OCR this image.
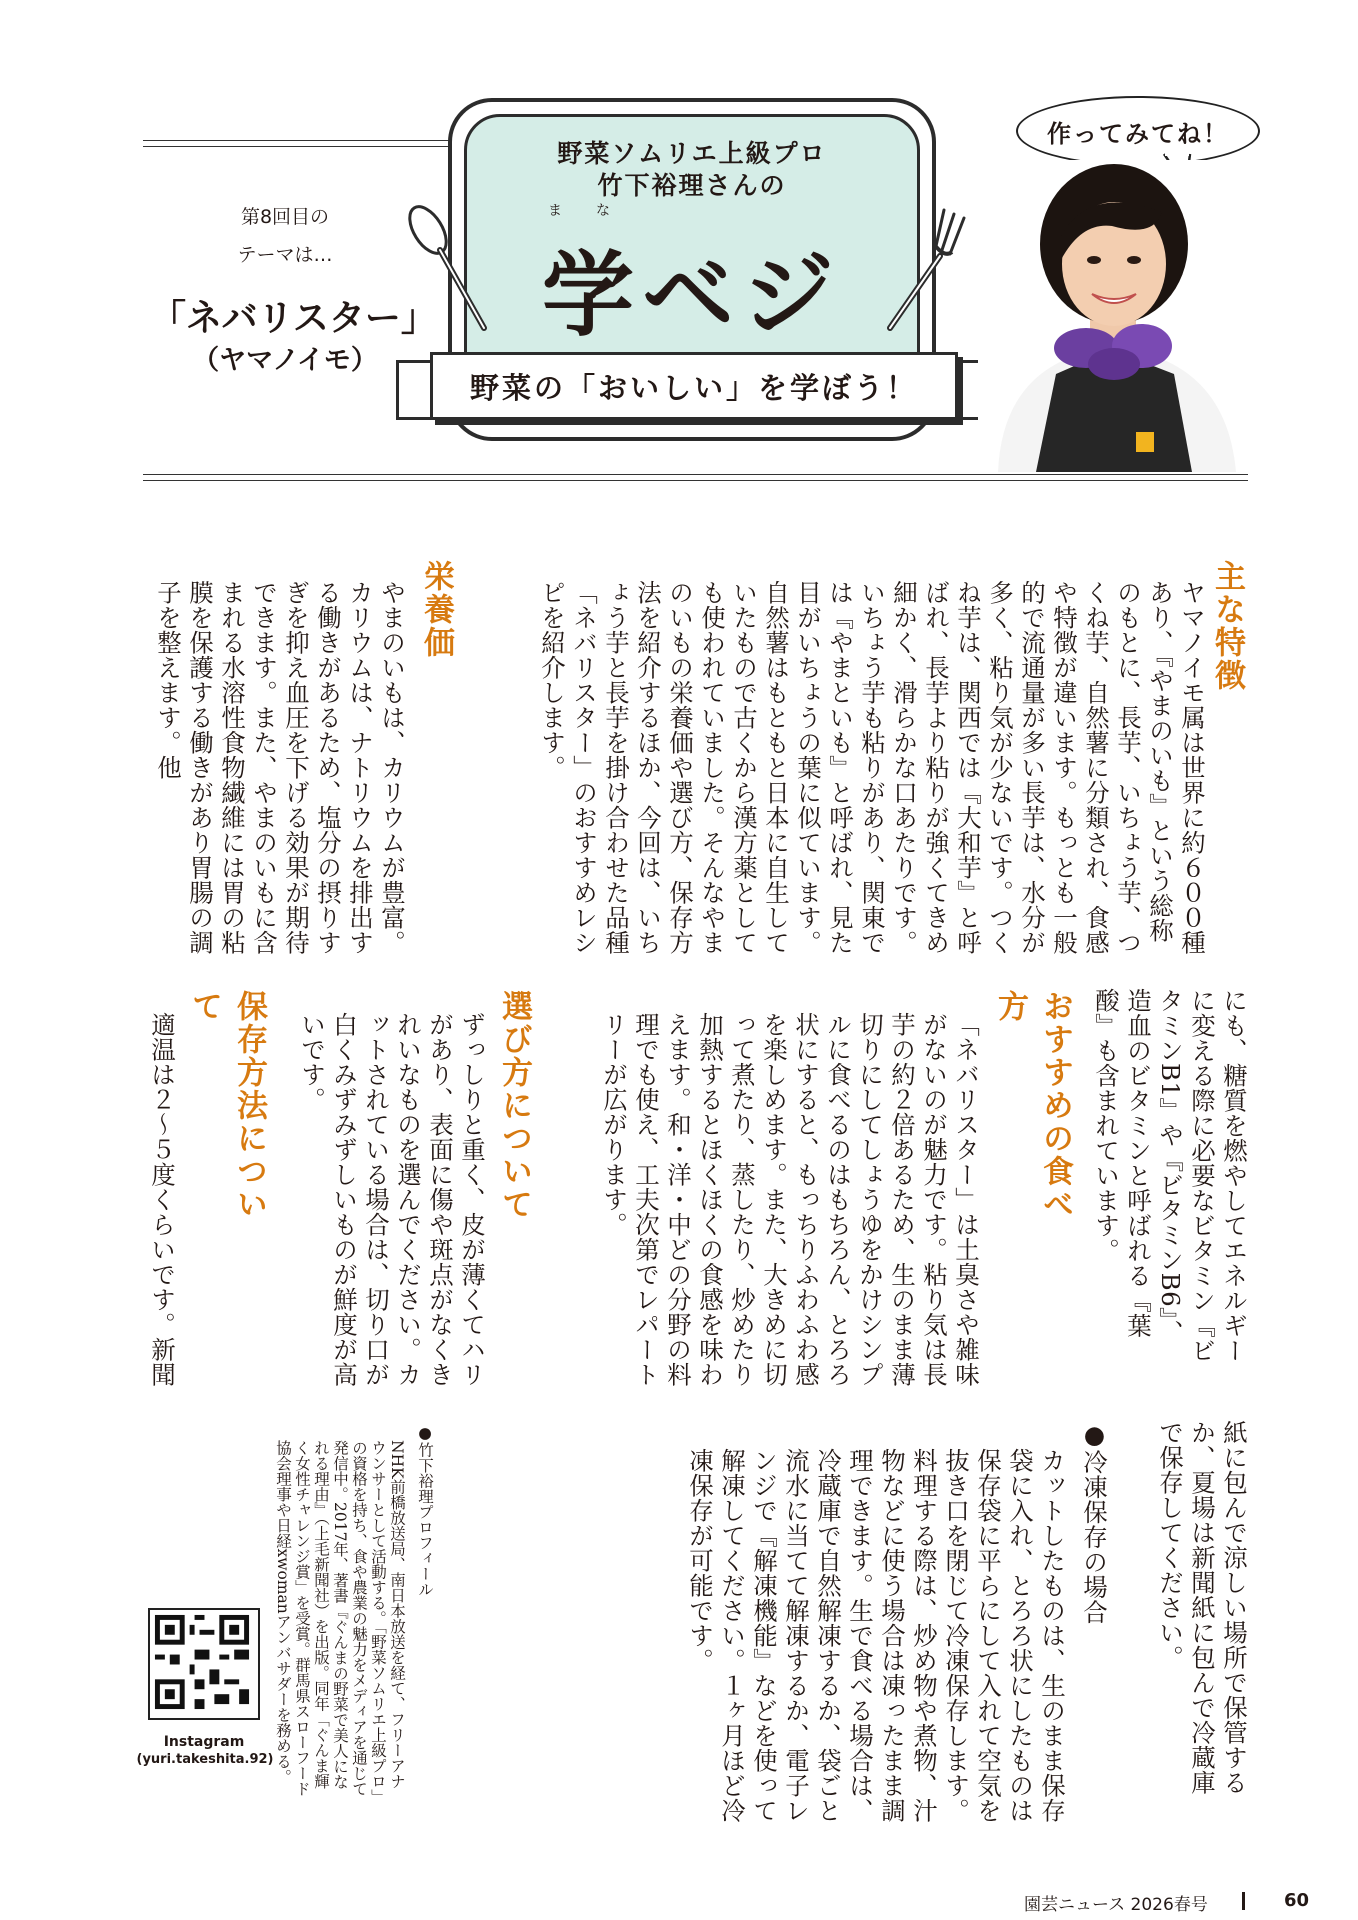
第8回目の
テーマは…
「ネバリスター」
（ヤマノイモ）
野菜ソムリエ上級プロ
竹下裕理さんの
まな
学ベジ
野菜の「おいしい」を学ぼう！
作ってみてね！
主な特徴
ヤマノイモ属は世界に約６００種あり、『やまのいも』という総称のもとに、長芋、いちょう芋、つくね芋、自然薯に分類され、食感や特徴が違います。もっとも一般的で流通量が多い長芋は、水分が多く、粘り気が少ないです。つくね芋は、関西では『大和芋』と呼ばれ、長芋より粘りが強くてきめ細かく、滑らかな口あたりです。いちょう芋も粘りがあり、関東では『やまといも』と呼ばれ、見た目がいちょうの葉に似ています。自然薯はもともと日本に自生していたもので古くから漢方薬としても使われていました。そんなやまのいもの栄養価や選び方、保存方法を紹介するほか、今回は、いちょう芋と長芋を掛け合わせた品種「ネバリスター」のおすすめレシピを紹介します。
栄養価
やまのいもは、カリウムが豊富。カリウムは、ナトリウムを排出する働きがあるため、塩分の摂りすぎを抑え血圧を下げる効果が期待できます。また、やまのいもに含まれる水溶性食物繊維には胃の粘膜を保護する働きがあり胃腸の調子を整えます。他
にも、糖質を燃やしてエネルギーに変える際に必要なビタミン『ビタミンB1』や『ビタミンB6』、造血のビタミンと呼ばれる『葉酸』も含まれています。
おすすめの食べ方
「ネバリスター」は土臭さや雑味がないのが魅力です。粘り気は長芋の約２倍あるため、生のまま薄切りにしてしょうゆをかけシンプルに食べるのはもちろん、とろろ状にすると、もっちりふわふわ感を楽しめます。また、大きめに切って煮たり、蒸したり、炒めたり加熱するとほくほくの食感を味わえます。和・洋・中どの分野の料理でも使え、工夫次第でレパートリーが広がります。
選び方について
ずっしりと重く、皮が薄くてハリがあり、表面に傷や斑点がなくきれいなものを選んでください。カットされている場合は、切り口が白くみずみずしいものが鮮度が高いです。
保存方法について
適温は２〜５度くらいです。新聞
紙に包んで涼しい場所で保管するか、夏場は新聞紙に包んで冷蔵庫で保存してください。
●冷凍保存の場合
カットしたものは、生のまま保存袋に入れ、とろろ状にしたものは保存袋に平らにして入れて空気を抜き口を閉じて冷凍保存します。料理する際は、炒め物や煮物、汁物などに使う場合は凍ったまま調理できます。生で食べる場合は、冷蔵庫で自然解凍するか、袋ごと流水に当てて解凍するか、電子レンジで『解凍機能』などを使って解凍してください。１ヶ月ほど冷凍保存が可能です。
●竹下裕理プロフィール
NHK前橋放送局、南日本放送を経て、フリーアナウンサーとして活動する。「野菜ソムリエ上級プロ」の資格を持ち、食や農業の魅力をメディアを通じて発信中。2017年、著書『ぐんまの野菜で美人になれる理由』（上毛新聞社）を出版。同年「ぐんま輝く女性チャレンジ賞」を受賞。群馬県スローフード協会理事や日経xwomanアンバサダーを務める。
Instagram
(yuri.takeshita.92)
園芸ニュース 2026春号	60
